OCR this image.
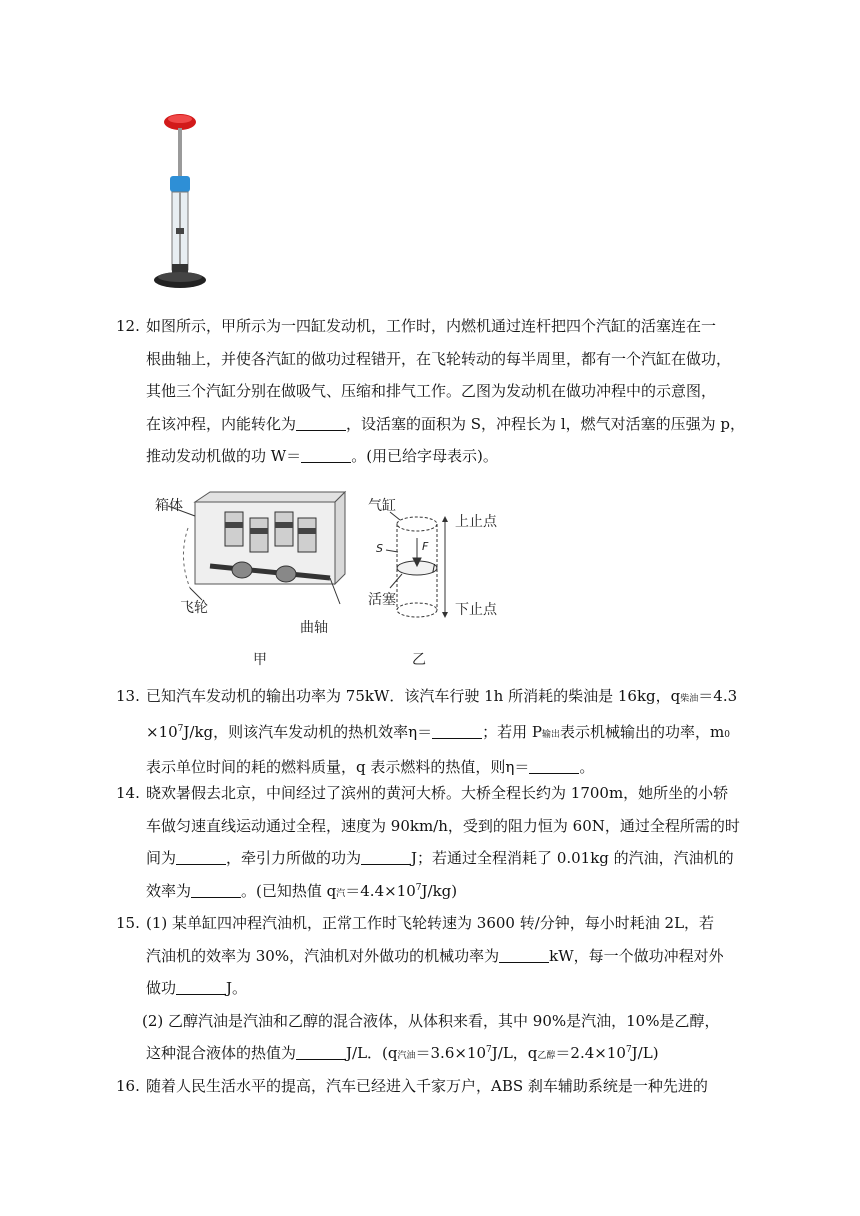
12. 如图所示，甲所示为一四缸发动机，工作时，内燃机通过连杆把四个汽缸的活塞连在一
根曲轴上，并使各汽缸的做功过程错开，在飞轮转动的每半周里，都有一个汽缸在做功，
其他三个汽缸分别在做吸气、压缩和排气工作。乙图为发动机在做功冲程中的示意图，
在该冲程，内能转化为	，设活塞的面积为 S，冲程长为 l，燃气对活塞的压强为 p，
推动发动机做的功 W＝	。(用已给字母表示)。
箱体
飞轮
曲轴
甲
气缸
活塞
上止点
下止点
S	F
l
乙
13. 已知汽车发动机的输出功率为 75kW．该汽车行驶 1h 所消耗的柴油是 16kg，q柴油＝4.3
$\times 10^7J/kg$，则该汽车发动机的热机效率η＝	；若用 P输出表示机械输出的功率，m0
表示单位时间的耗的燃料质量，q 表示燃料的热值，则η＝	。
14. 晓欢暑假去北京，中间经过了滨州的黄河大桥。大桥全程长约为 1700m，她所坐的小轿
车做匀速直线运动通过全程，速度为 90km/h，受到的阻力恒为 60N，通过全程所需的时
间为	，牵引力所做的功为	J；若通过全程消耗了 0.01kg 的汽油，汽油机的
效率为	。(已知热值 q汽$=4.4\times 10^7J/kg$)
15. (1) 某单缸四冲程汽油机，正常工作时飞轮转速为 3600 转/分钟，每小时耗油 2L，若
汽油机的效率为 30%，汽油机对外做功的机械功率为	kW，每一个做功冲程对外
做功	J。
(2) 乙醇汽油是汽油和乙醇的混合液体，从体积来看，其中 90%是汽油，10%是乙醇，
这种混合液体的热值为	J/L．(q汽油$=3.6\times 10^7J/L$，q乙醇$=2.4\times 10^7J/L$)
16. 随着人民生活水平的提高，汽车已经进入千家万户，ABS 刹车辅助系统是一种先进的
